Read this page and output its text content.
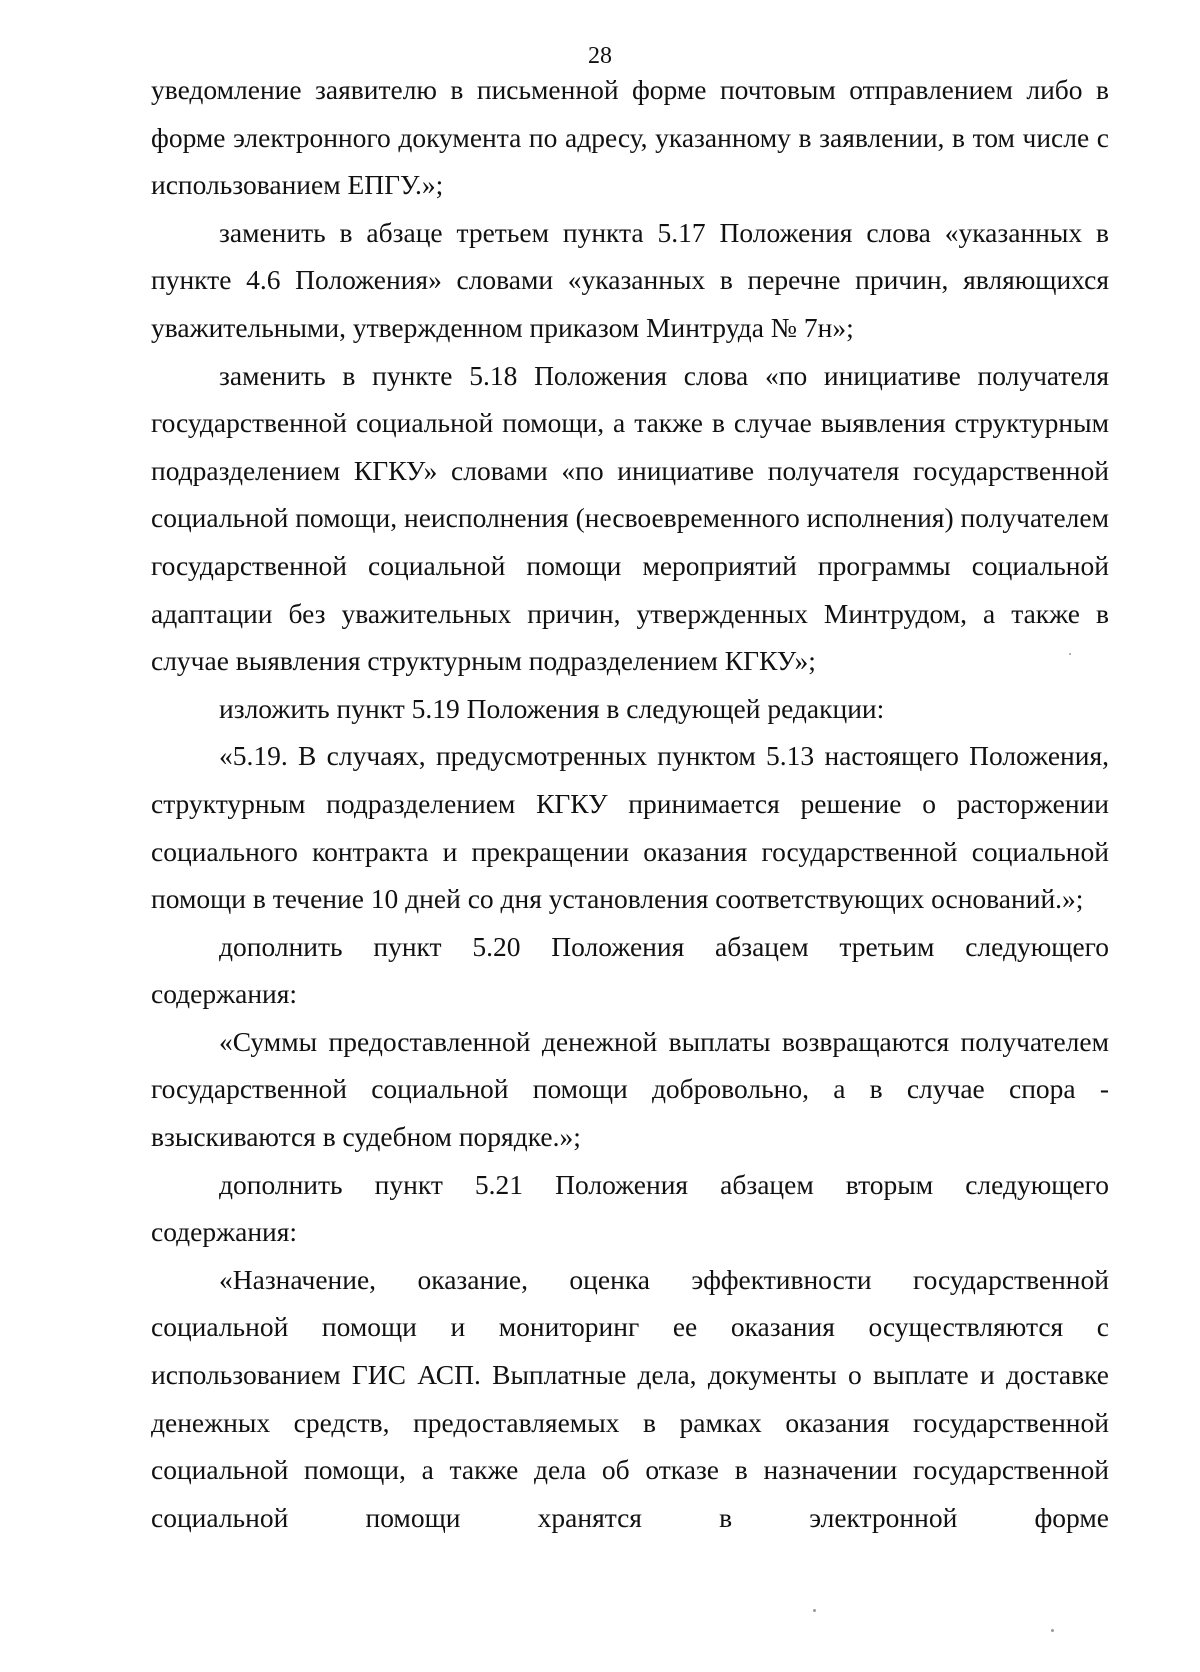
28

уведомление заявителю в письменной форме почтовым отправлением либо в форме электронного документа по адресу, указанному в заявлении, в том числе с использованием ЕПГУ.»;

заменить в абзаце третьем пункта 5.17 Положения слова «указанных в пункте 4.6 Положения» словами «указанных в перечне причин, являющихся уважительными, утвержденном приказом Минтруда № 7н»;

заменить в пункте 5.18 Положения слова «по инициативе получателя государственной социальной помощи, а также в случае выявления структурным подразделением КГКУ» словами «по инициативе получателя государственной социальной помощи, неисполнения (несвоевременного исполнения) получателем государственной социальной помощи мероприятий программы социальной адаптации без уважительных причин, утвержденных Минтрудом, а также в случае выявления структурным подразделением КГКУ»;

изложить пункт 5.19 Положения в следующей редакции:

«5.19. В случаях, предусмотренных пунктом 5.13 настоящего Положения, структурным подразделением КГКУ принимается решение о расторжении социального контракта и прекращении оказания государственной социальной помощи в течение 10 дней со дня установления соответствующих оснований.»;

дополнить пункт 5.20 Положения абзацем третьим следующего содержания:

«Суммы предоставленной денежной выплаты возвращаются получателем государственной социальной помощи добровольно, а в случае спора - взыскиваются в судебном порядке.»;

дополнить пункт 5.21 Положения абзацем вторым следующего содержания:

«Назначение, оказание, оценка эффективности государственной социальной помощи и мониторинг ее оказания осуществляются с использованием ГИС АСП. Выплатные дела, документы о выплате и доставке денежных средств, предоставляемых в рамках оказания государственной социальной помощи, а также дела об отказе в назначении государственной социальной помощи хранятся в электронной форме
